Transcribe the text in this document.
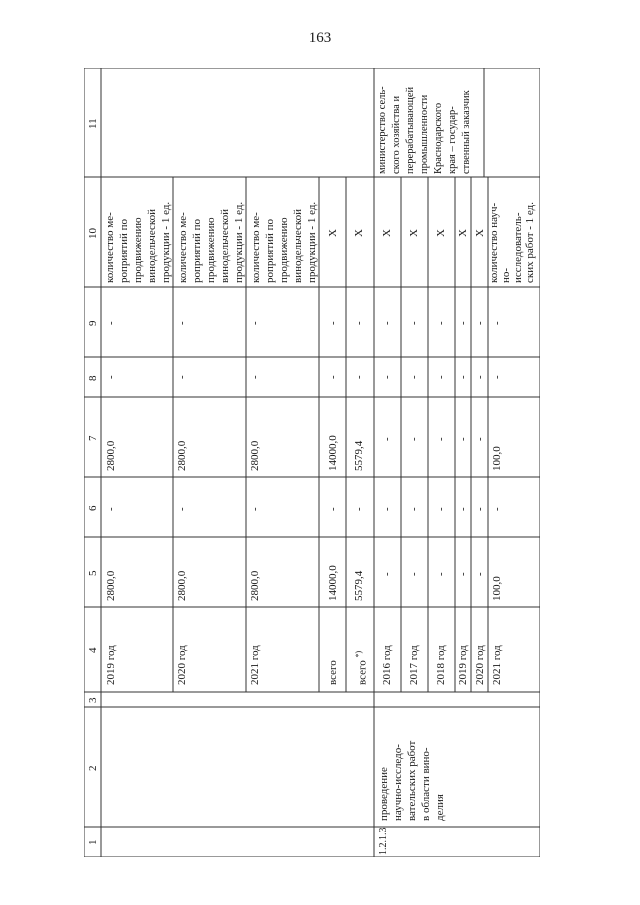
163
1
2
3
4
5
6
7
8
9
10
11
2019 год
2800,0
-
2800,0
-
-
количество ме- роприятий по продвижению винодельческой продукции - 1 ед.
2020 год
2800,0
-
2800,0
-
-
количество ме- роприятий по продвижению винодельческой продукции - 1 ед.
2021 год
2800,0
-
2800,0
-
-
количество ме- роприятий по продвижению винодельческой продукции - 1 ед.
всего
14000,0
-
14000,0
-
-
X
всего *)
5579,4
-
5579,4
-
-
X
1.2.1.3
проведение научно-исследо- вательских работ в области вино- делия
2016 год
-
-
-
-
-
X
2017 год
-
-
-
-
-
X
2018 год
-
-
-
-
-
X
2019 год
-
-
-
-
-
X
2020 год
-
-
-
-
-
X
2021 год
100,0
-
100,0
-
-
количество науч- но- исследователь- ских работ - 1 ед.
министерство сель- ского хозяйства и перерабатывающей промышленности Краснодарского края – государ- ственный заказчик
